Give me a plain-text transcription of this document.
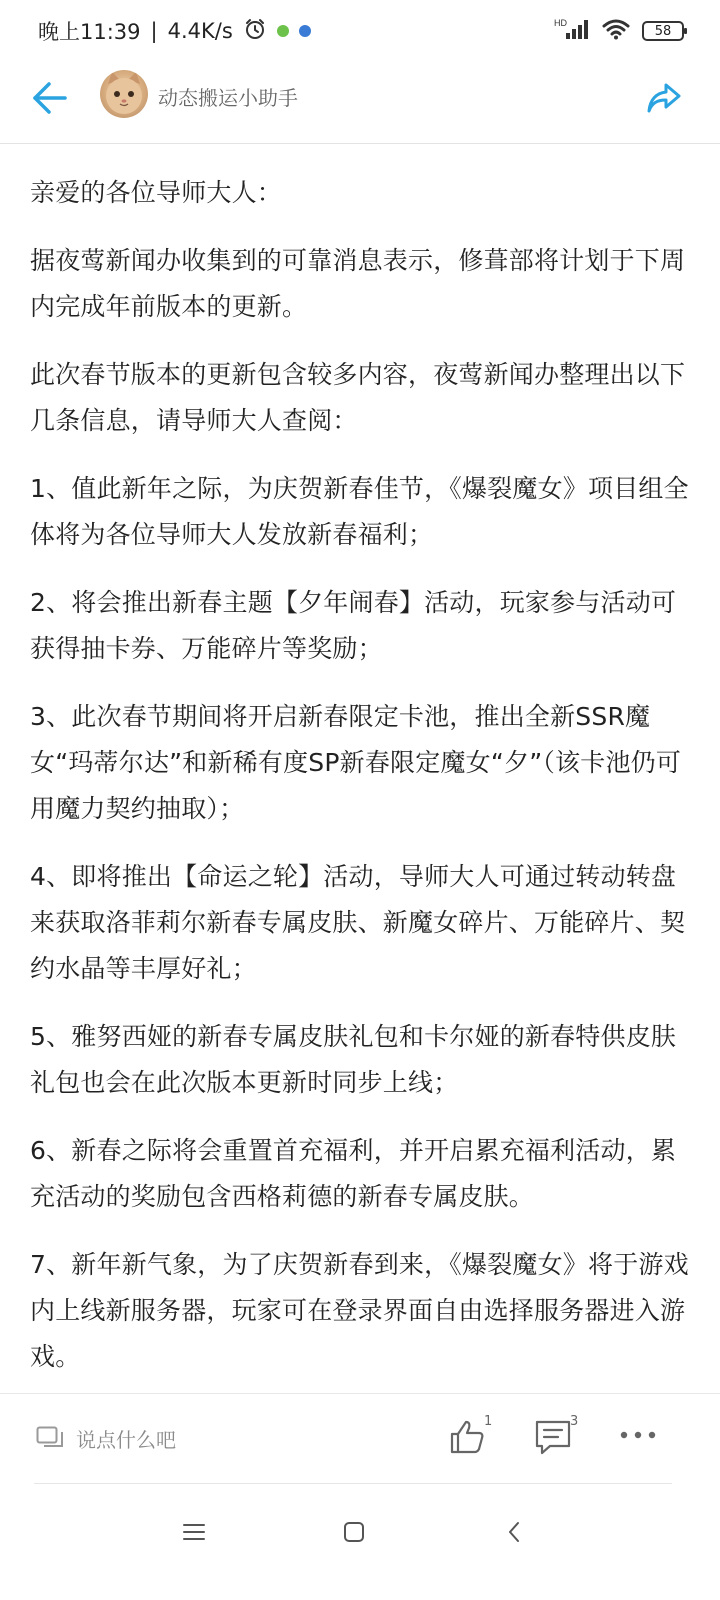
晚上11:39 | 4.4K/s	HD
58
动态搬运小助手

亲爱的各位导师大人：

据夜莺新闻办收集到的可靠消息表示，修葺部将计划于下周内完成年前版本的更新。

此次春节版本的更新包含较多内容，夜莺新闻办整理出以下几条信息，请导师大人查阅：

1、值此新年之际，为庆贺新春佳节，《爆裂魔女》项目组全体将为各位导师大人发放新春福利；

2、将会推出新春主题【夕年闹春】活动，玩家参与活动可获得抽卡券、万能碎片等奖励；

3、此次春节期间将开启新春限定卡池，推出全新SSR魔女“玛蒂尔达”和新稀有度SP新春限定魔女“夕”（该卡池仍可用魔力契约抽取）；

4、即将推出【命运之轮】活动，导师大人可通过转动转盘来获取洛菲莉尔新春专属皮肤、新魔女碎片、万能碎片、契约水晶等丰厚好礼；

5、雅努西娅的新春专属皮肤礼包和卡尔娅的新春特供皮肤礼包也会在此次版本更新时同步上线；

6、新春之际将会重置首充福利，并开启累充福利活动，累充活动的奖励包含西格莉德的新春专属皮肤。

7、新年新气象，为了庆贺新春到来，《爆裂魔女》将于游戏内上线新服务器，玩家可在登录界面自由选择服务器进入游戏。

说点什么吧
1	3
